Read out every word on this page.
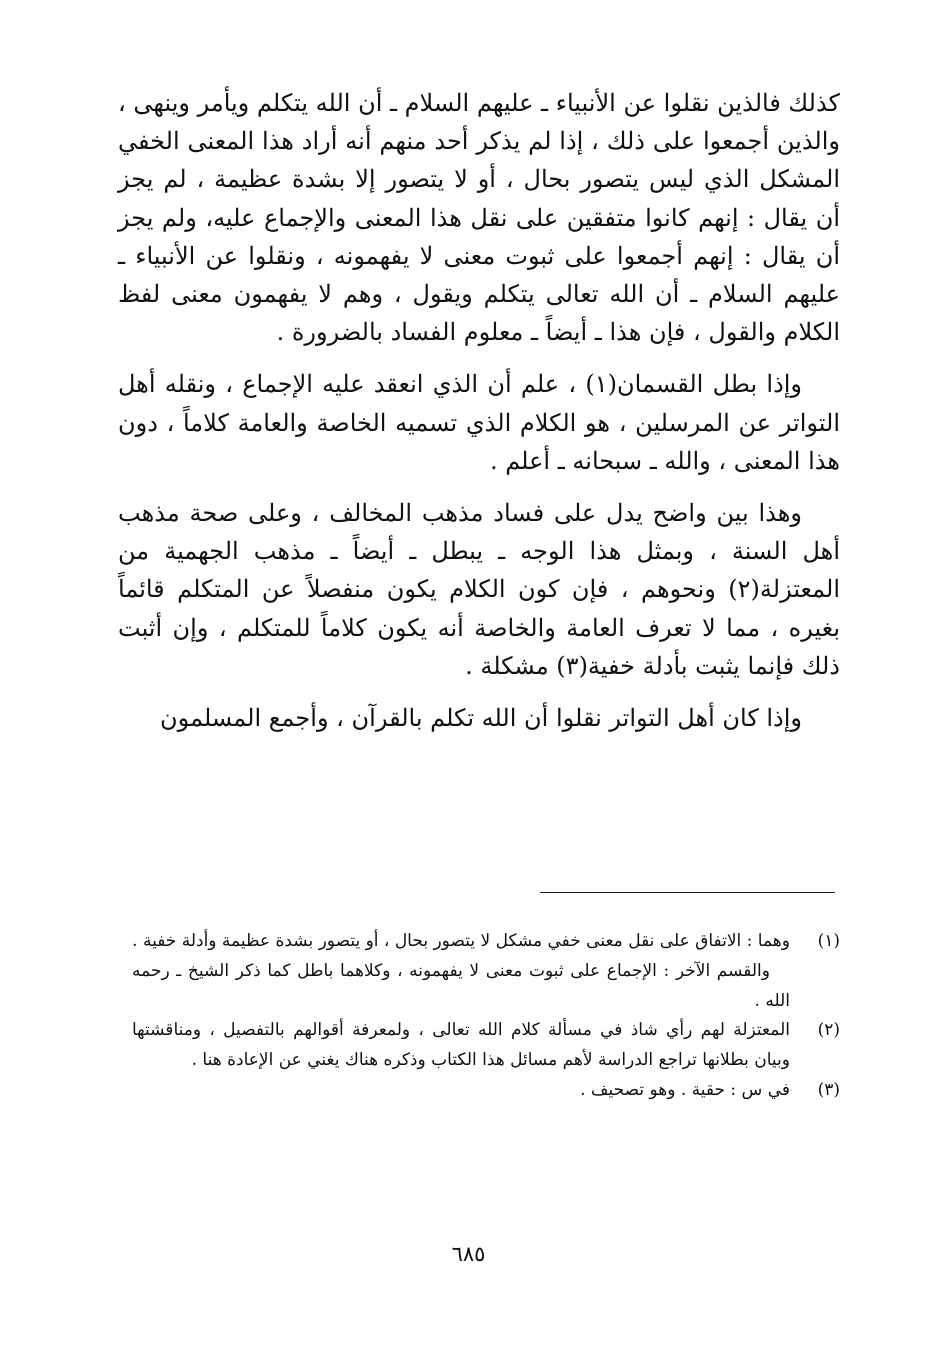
كذلك فالذين نقلوا عن الأنبياء ـ عليهم السلام ـ أن الله يتكلم ويأمر وينهى ، والذين أجمعوا على ذلك ، إذا لم يذكر أحد منهم أنه أراد هذا المعنى الخفي المشكل الذي ليس يتصور بحال ، أو لا يتصور إلا بشدة عظيمة ، لم يجز أن يقال : إنهم كانوا متفقين على نقل هذا المعنى والإجماع عليه، ولم يجز أن يقال : إنهم أجمعوا على ثبوت معنى لا يفهمونه ، ونقلوا عن الأنبياء ـ عليهم السلام ـ أن الله تعالى يتكلم ويقول ، وهم لا يفهمون معنى لفظ الكلام والقول ، فإن هذا ـ أيضاً ـ معلوم الفساد بالضرورة .

وإذا بطل القسمان(١) ، علم أن الذي انعقد عليه الإجماع ، ونقله أهل التواتر عن المرسلين ، هو الكلام الذي تسميه الخاصة والعامة كلاماً ، دون هذا المعنى ، والله ـ سبحانه ـ أعلم .

وهذا بين واضح يدل على فساد مذهب المخالف ، وعلى صحة مذهب أهل السنة ، وبمثل هذا الوجه ـ يبطل ـ أيضاً ـ مذهب الجهمية من المعتزلة(٢) ونحوهم ، فإن كون الكلام يكون منفصلاً عن المتكلم قائماً بغيره ، مما لا تعرف العامة والخاصة أنه يكون كلاماً للمتكلم ، وإن أثبت ذلك فإنما يثبت بأدلة خفية(٣) مشكلة .

وإذا كان أهل التواتر نقلوا أن الله تكلم بالقرآن ، وأجمع المسلمون

(١)
وهما : الاتفاق على نقل معنى خفي مشكل لا يتصور بحال ، أو يتصور بشدة عظيمة وأدلة خفية .

والقسم الآخر : الإجماع على ثبوت معنى لا يفهمونه ، وكلاهما باطل كما ذكر الشيخ ـ رحمه الله .

(٢)
المعتزلة لهم رأي شاذ في مسألة كلام الله تعالى ، ولمعرفة أقوالهم بالتفصيل ، ومناقشتها وبيان بطلانها تراجع الدراسة لأهم مسائل هذا الكتاب وذكره هناك يغني عن الإعادة هنا .

(٣)
في س : حقية . وهو تصحيف .

٦٨٥
